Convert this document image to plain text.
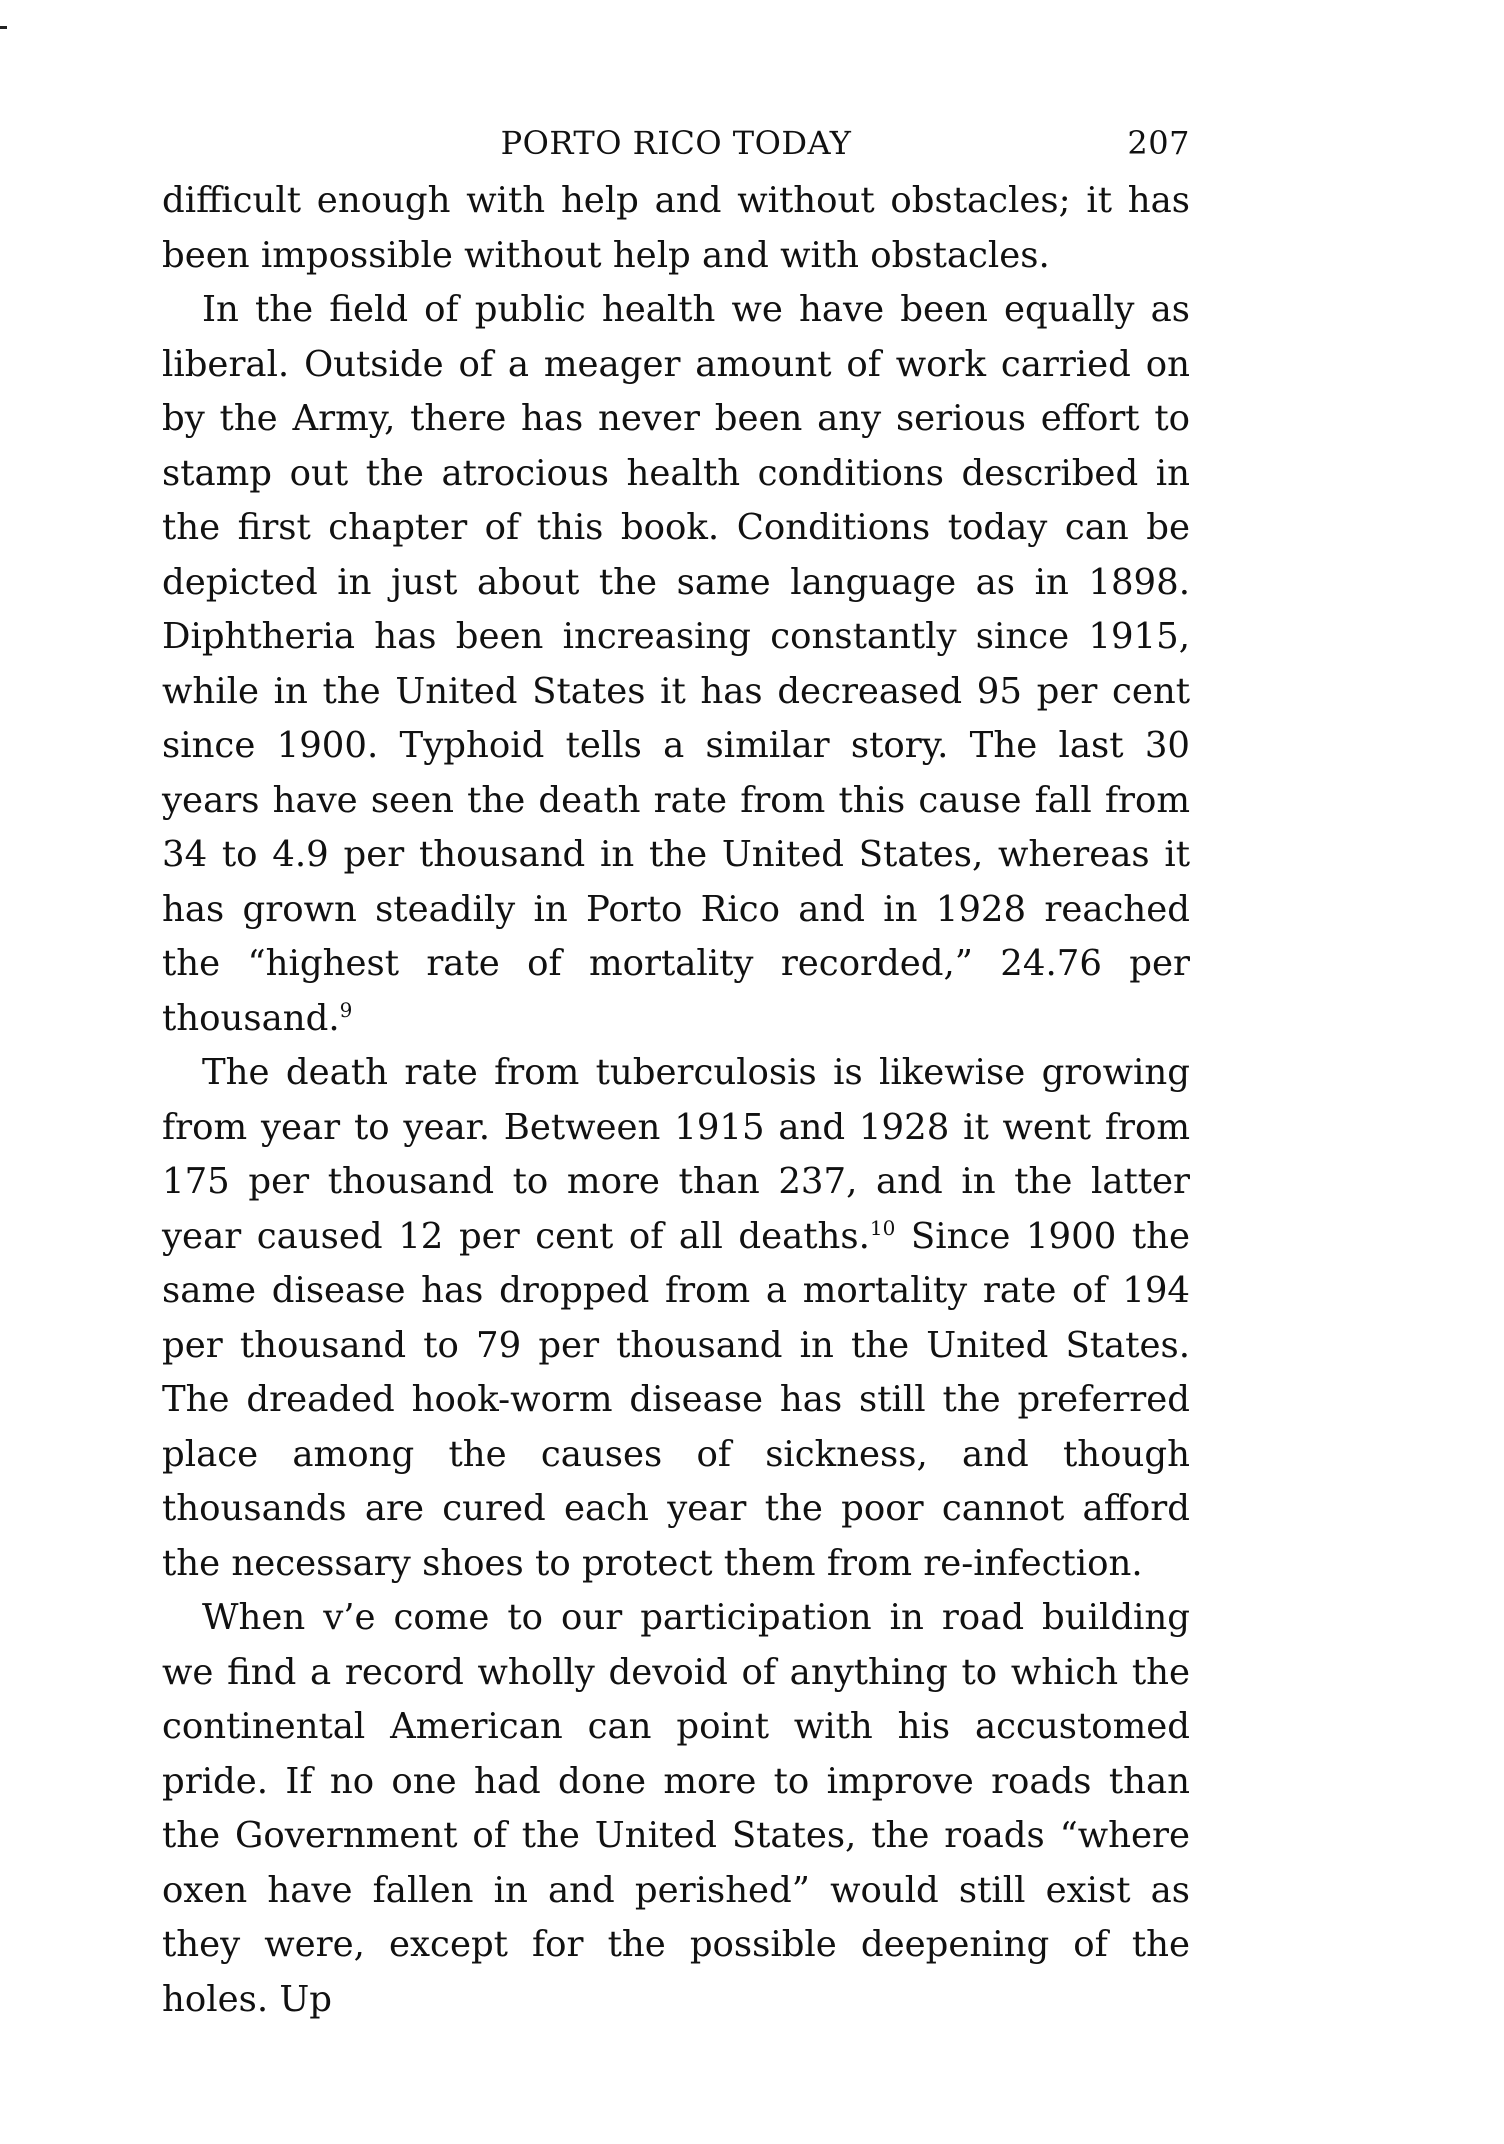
PORTO RICO TODAY	207

difficult enough with help and without obstacles; it has been impossible without help and with obstacles.

In the field of public health we have been equally as liberal. Outside of a meager amount of work carried on by the Army, there has never been any serious effort to stamp out the atrocious health conditions described in the first chapter of this book. Conditions today can be depicted in just about the same language as in 1898. Diphtheria has been increasing constantly since 1915, while in the United States it has decreased 95 per cent since 1900. Typhoid tells a similar story. The last 30 years have seen the death rate from this cause fall from 34 to 4.9 per thousand in the United States, whereas it has grown steadily in Porto Rico and in 1928 reached the “highest rate of mortality recorded,” 24.76 per thousand.$^9$

The death rate from tuberculosis is likewise growing from year to year. Between 1915 and 1928 it went from 175 per thousand to more than 237, and in the latter year caused 12 per cent of all deaths.$^{10}$ Since 1900 the same disease has dropped from a mortality rate of 194 per thousand to 79 per thousand in the United States. The dreaded hook-worm disease has still the preferred place among the causes of sickness, and though thousands are cured each year the poor cannot afford the necessary shoes to protect them from re-infection.

When v’e come to our participation in road building we find a record wholly devoid of anything to which the continental American can point with his accustomed pride. If no one had done more to improve roads than the Government of the United States, the roads “where oxen have fallen in and perished” would still exist as they were, except for the possible deepening of the holes. Up
